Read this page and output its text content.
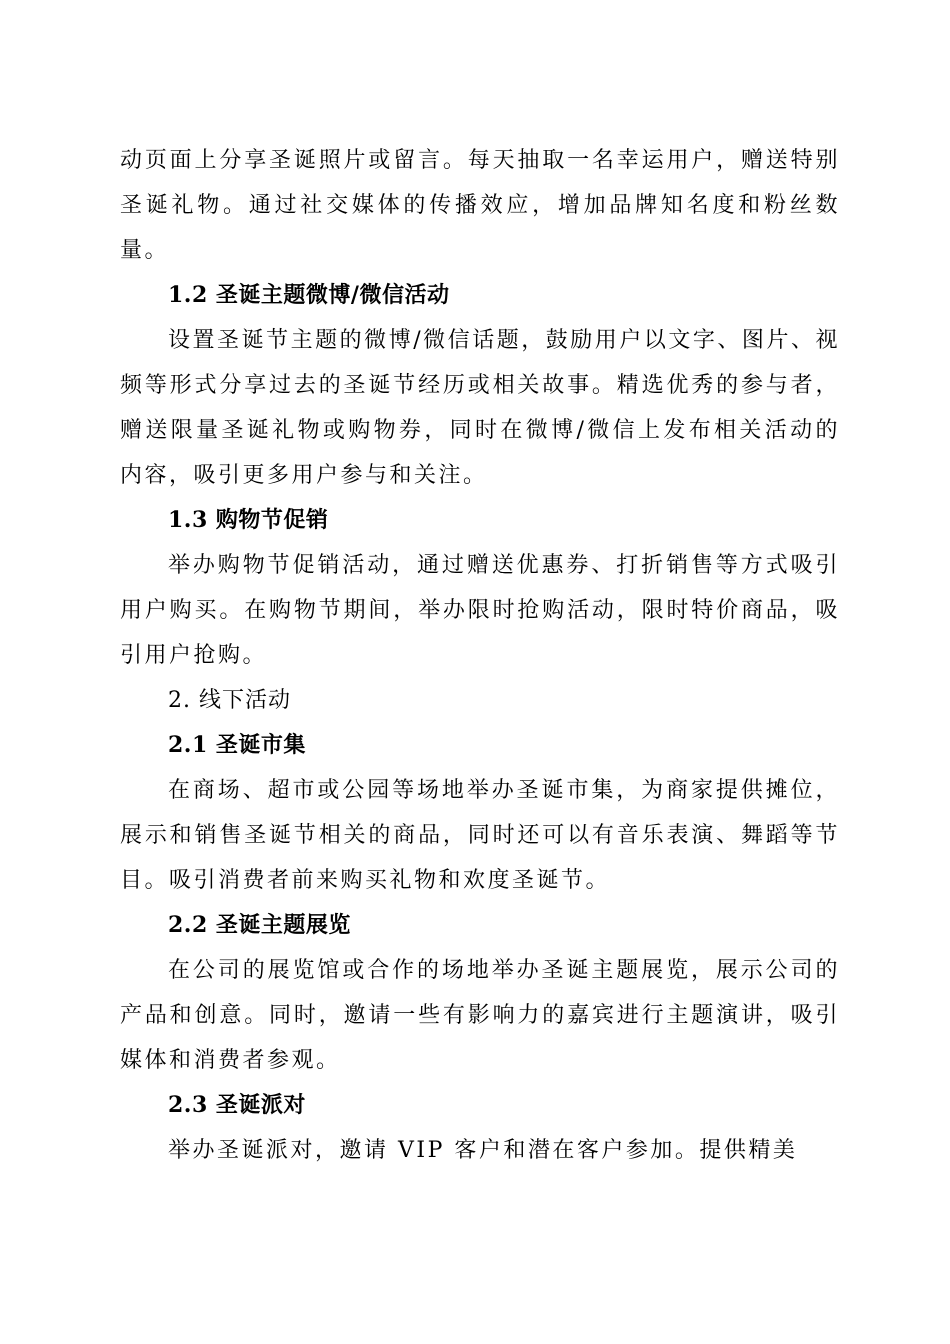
动页面上分享圣诞照片或留言。每天抽取一名幸运用户，赠送特别圣诞礼物。通过社交媒体的传播效应，增加品牌知名度和粉丝数量。

1.2 圣诞主题微博/微信活动

设置圣诞节主题的微博/微信话题，鼓励用户以文字、图片、视频等形式分享过去的圣诞节经历或相关故事。精选优秀的参与者，赠送限量圣诞礼物或购物券，同时在微博/微信上发布相关活动的内容，吸引更多用户参与和关注。

1.3 购物节促销

举办购物节促销活动，通过赠送优惠券、打折销售等方式吸引用户购买。在购物节期间，举办限时抢购活动，限时特价商品，吸引用户抢购。

2. 线下活动

2.1 圣诞市集

在商场、超市或公园等场地举办圣诞市集，为商家提供摊位，展示和销售圣诞节相关的商品，同时还可以有音乐表演、舞蹈等节目。吸引消费者前来购买礼物和欢度圣诞节。

2.2 圣诞主题展览

在公司的展览馆或合作的场地举办圣诞主题展览，展示公司的产品和创意。同时，邀请一些有影响力的嘉宾进行主题演讲，吸引媒体和消费者参观。

2.3 圣诞派对

举办圣诞派对，邀请 VIP 客户和潜在客户参加。提供精美
